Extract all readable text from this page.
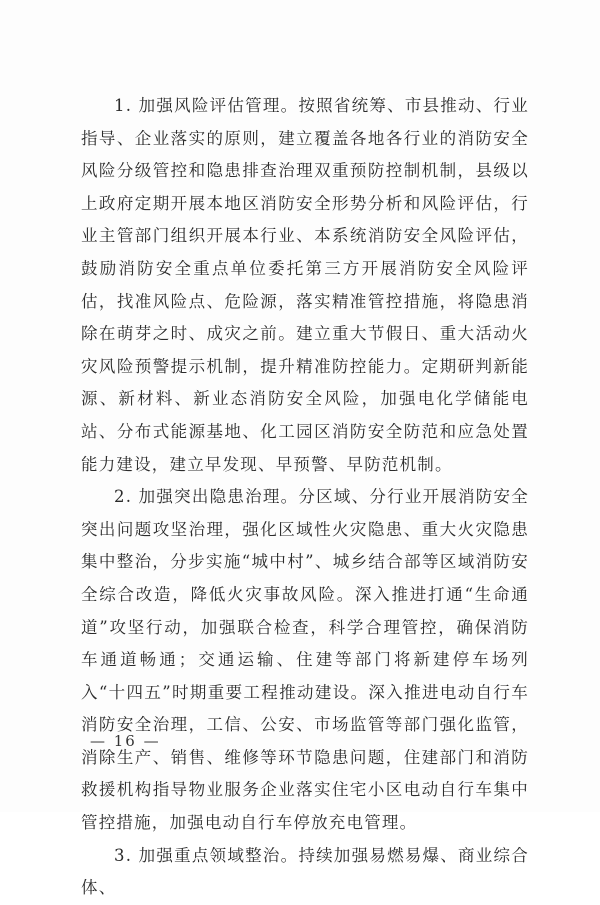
1. 加强风险评估管理。按照省统筹、市县推动、行业指导、企业落实的原则，建立覆盖各地各行业的消防安全风险分级管控和隐患排查治理双重预防控制机制，县级以上政府定期开展本地区消防安全形势分析和风险评估，行业主管部门组织开展本行业、本系统消防安全风险评估，鼓励消防安全重点单位委托第三方开展消防安全风险评估，找准风险点、危险源，落实精准管控措施，将隐患消除在萌芽之时、成灾之前。建立重大节假日、重大活动火灾风险预警提示机制，提升精准防控能力。定期研判新能源、新材料、新业态消防安全风险，加强电化学储能电站、分布式能源基地、化工园区消防安全防范和应急处置能力建设，建立早发现、早预警、早防范机制。

2. 加强突出隐患治理。分区域、分行业开展消防安全突出问题攻坚治理，强化区域性火灾隐患、重大火灾隐患集中整治，分步实施“城中村”、城乡结合部等区域消防安全综合改造，降低火灾事故风险。深入推进打通“生命通道”攻坚行动，加强联合检查，科学合理管控，确保消防车通道畅通；交通运输、住建等部门将新建停车场列入“十四五”时期重要工程推动建设。深入推进电动自行车消防安全治理，工信、公安、市场监管等部门强化监管，消除生产、销售、维修等环节隐患问题，住建部门和消防救援机构指导物业服务企业落实住宅小区电动自行车集中管控措施，加强电动自行车停放充电管理。

3. 加强重点领域整治。持续加强易燃易爆、商业综合体、

— 16 —
